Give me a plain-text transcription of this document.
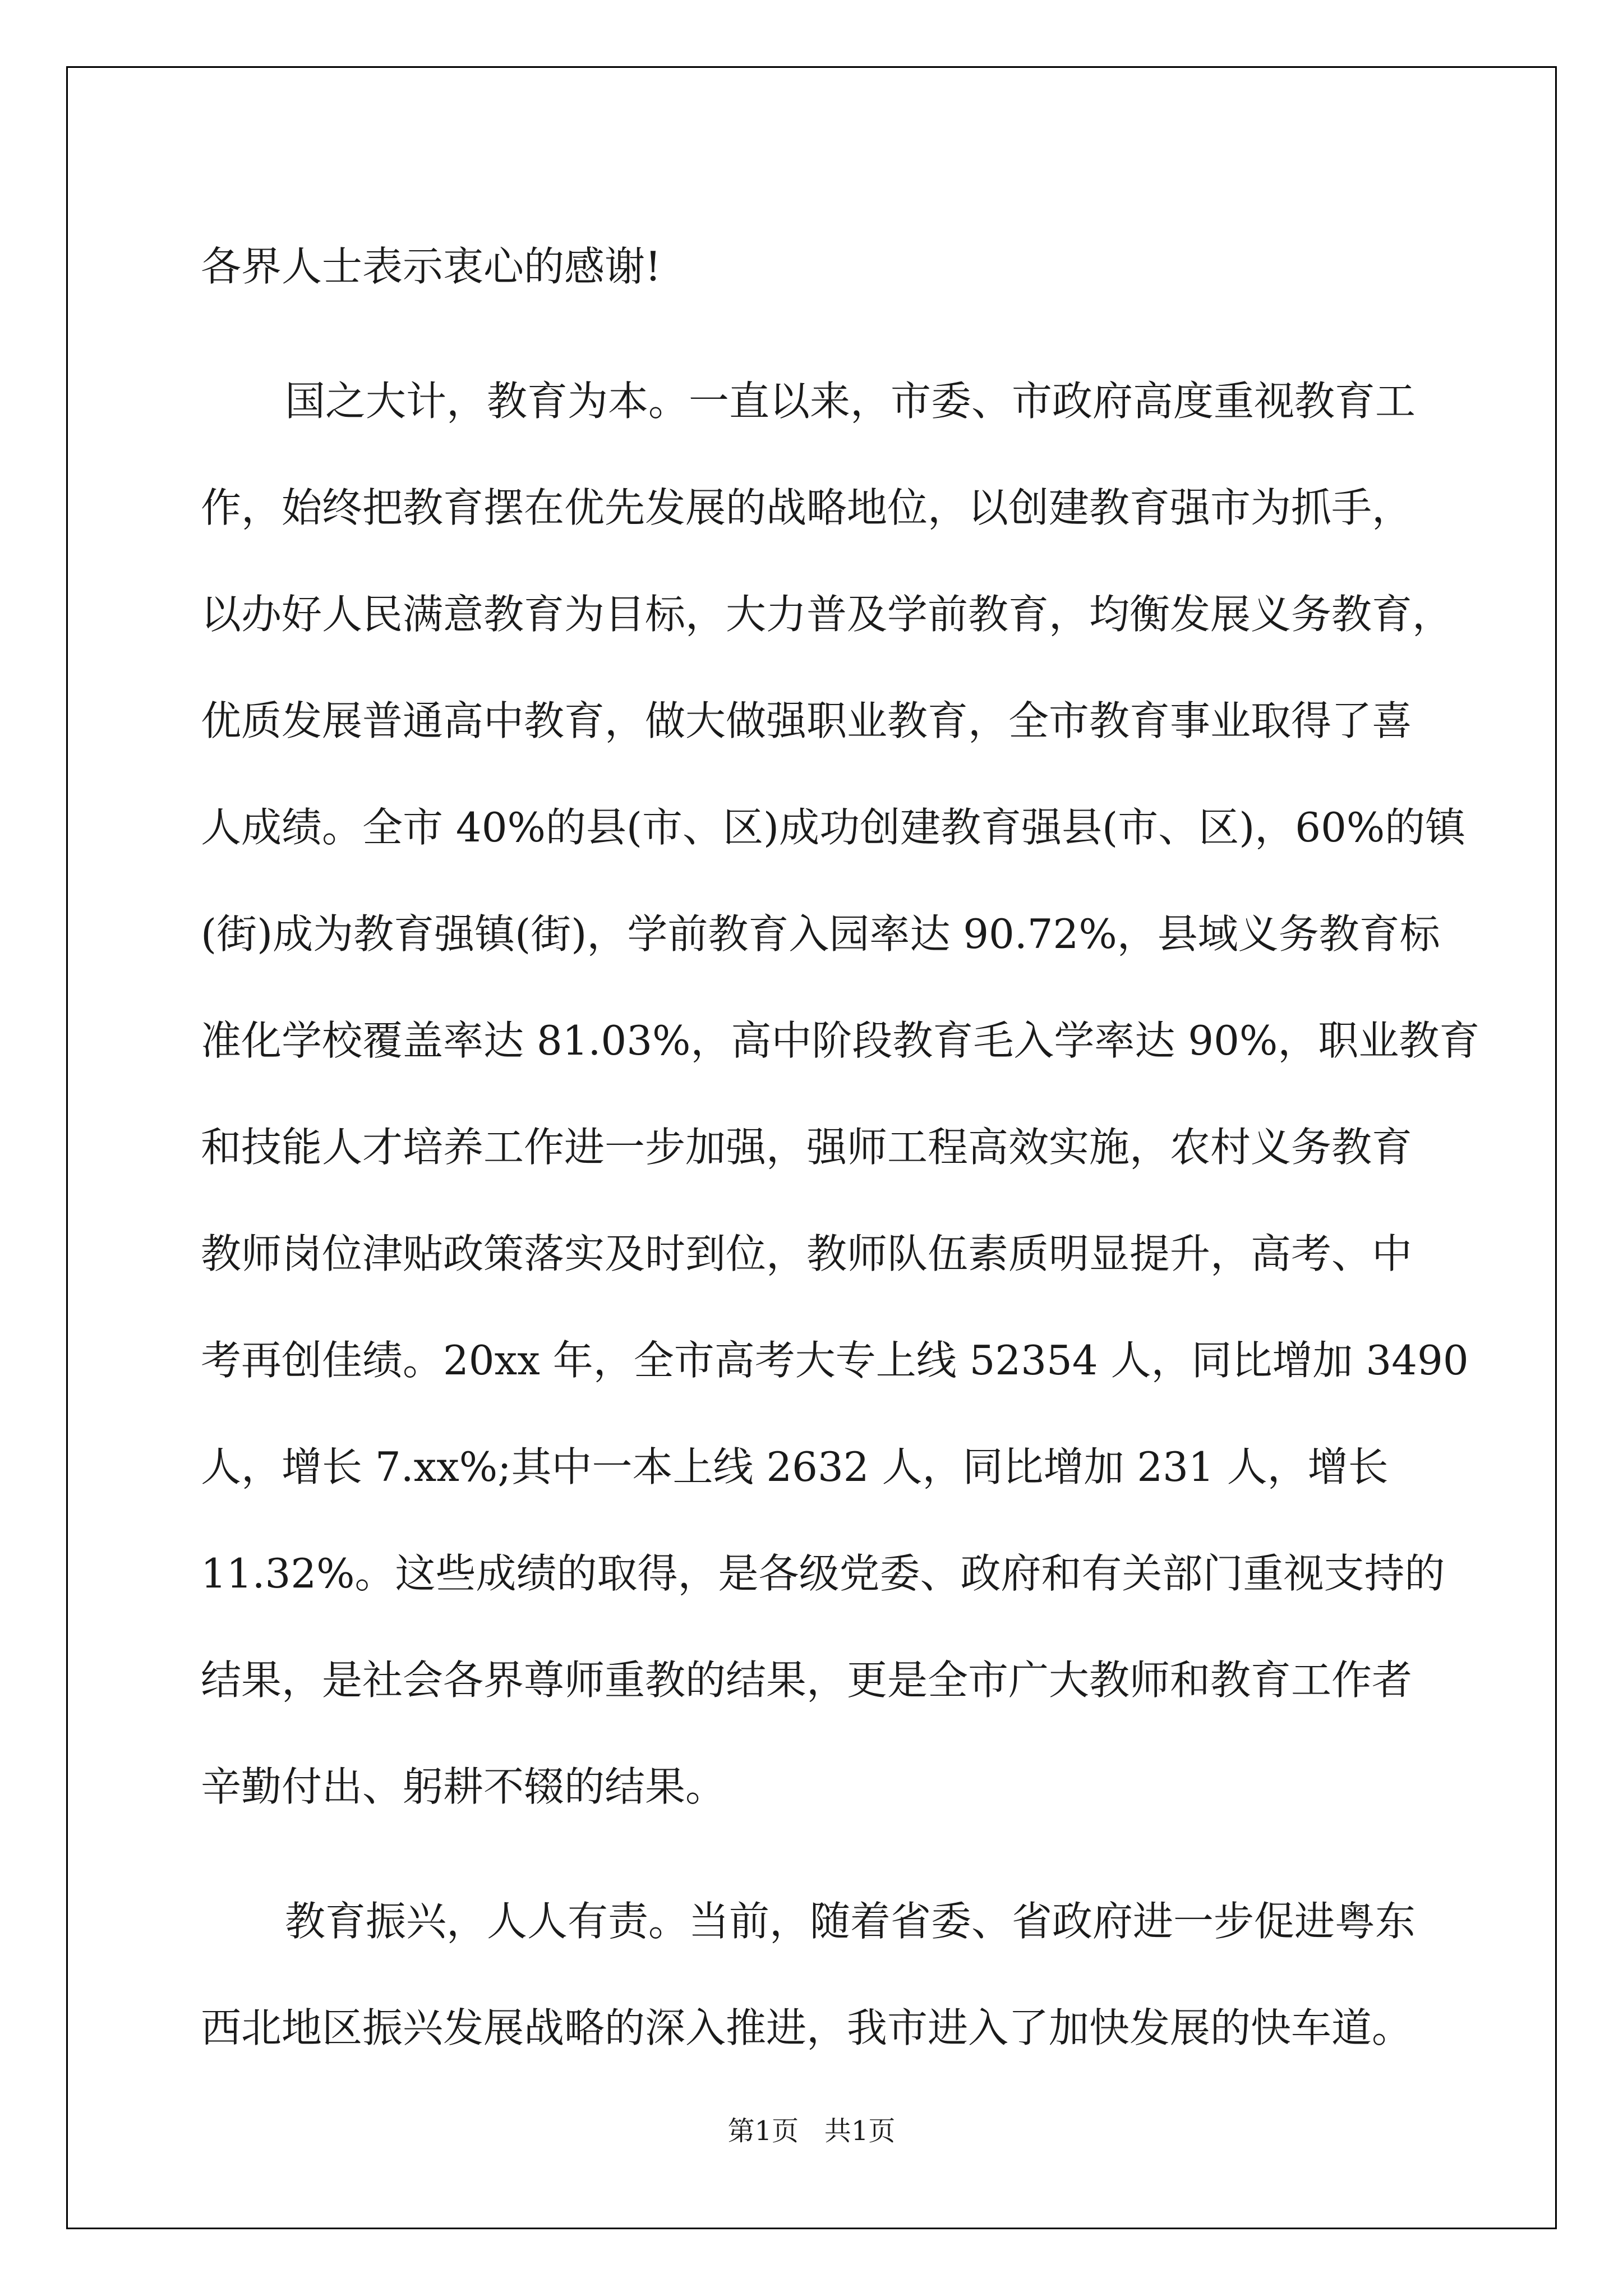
各界人士表示衷心的感谢!
国之大计，教育为本。一直以来，市委、市政府高度重视教育工
作，始终把教育摆在优先发展的战略地位，以创建教育强市为抓手，
以办好人民满意教育为目标，大力普及学前教育，均衡发展义务教育，
优质发展普通高中教育，做大做强职业教育，全市教育事业取得了喜
人成绩。全市 40%的县(市、区)成功创建教育强县(市、区)，60%的镇
(街)成为教育强镇(街)，学前教育入园率达 90.72%，县域义务教育标
准化学校覆盖率达 81.03%，高中阶段教育毛入学率达 90%，职业教育
和技能人才培养工作进一步加强，强师工程高效实施，农村义务教育
教师岗位津贴政策落实及时到位，教师队伍素质明显提升，高考、中
考再创佳绩。20xx 年，全市高考大专上线 52354 人，同比增加 3490
人，增长 7.xx%;其中一本上线 2632 人，同比增加 231 人，增长
11.32%。这些成绩的取得，是各级党委、政府和有关部门重视支持的
结果，是社会各界尊师重教的结果，更是全市广大教师和教育工作者
辛勤付出、躬耕不辍的结果。
教育振兴，人人有责。当前，随着省委、省政府进一步促进粤东
西北地区振兴发展战略的深入推进，我市进入了加快发展的快车道。
第1页 共1页
